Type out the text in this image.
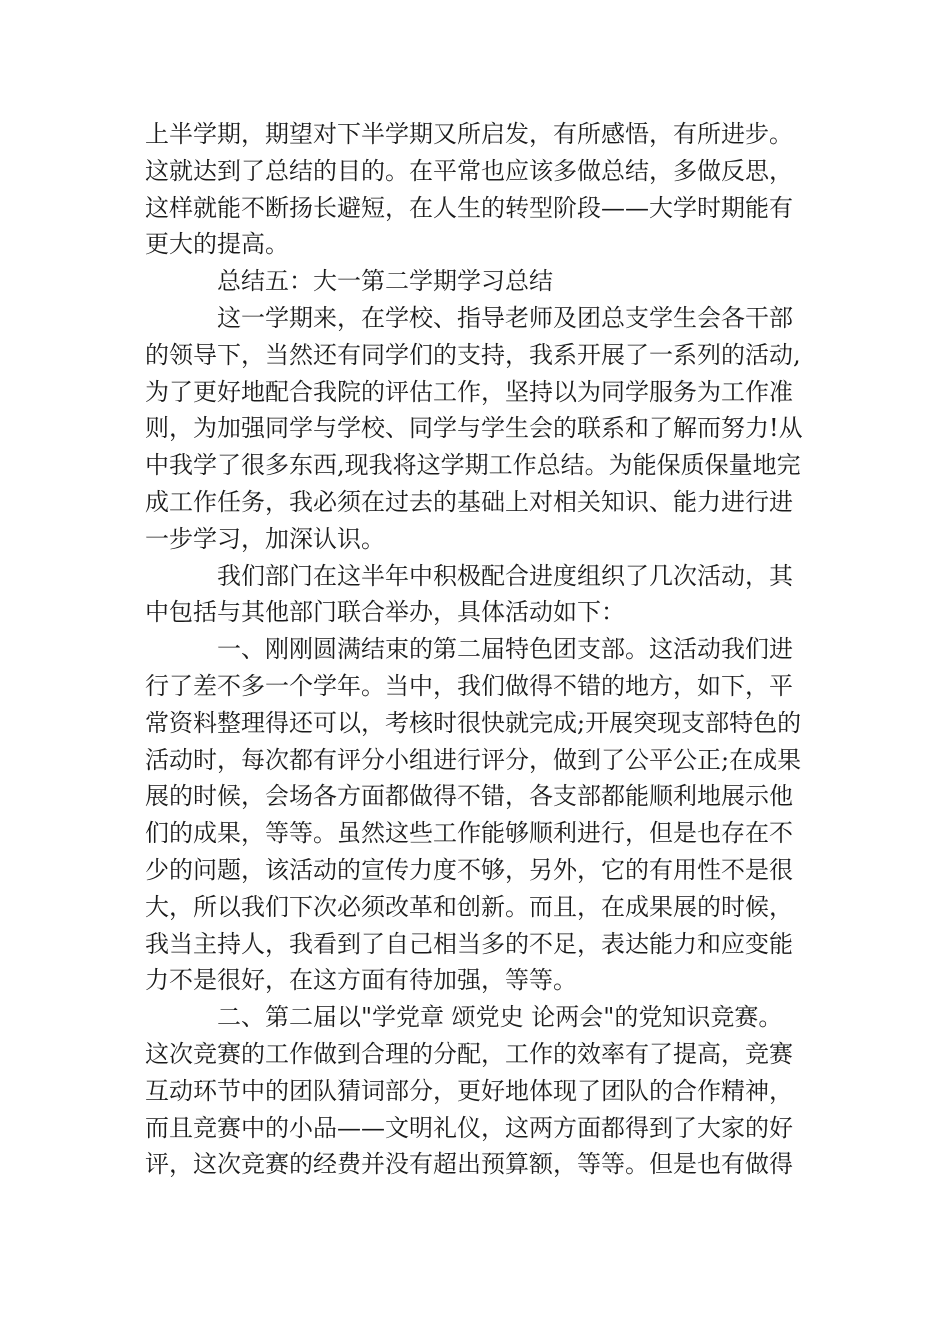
上半学期，期望对下半学期又所启发，有所感悟，有所进步。
这就达到了总结的目的。在平常也应该多做总结，多做反思，
这样就能不断扬长避短，在人生的转型阶段——大学时期能有
更大的提高。
总结五：大一第二学期学习总结
这一学期来，在学校、指导老师及团总支学生会各干部
的领导下，当然还有同学们的支持，我系开展了一系列的活动,
为了更好地配合我院的评估工作，坚持以为同学服务为工作准
则，为加强同学与学校、同学与学生会的联系和了解而努力!从
中我学了很多东西,现我将这学期工作总结。为能保质保量地完
成工作任务，我必须在过去的基础上对相关知识、能力进行进
一步学习，加深认识。
我们部门在这半年中积极配合进度组织了几次活动，其
中包括与其他部门联合举办，具体活动如下：
一、刚刚圆满结束的第二届特色团支部。这活动我们进
行了差不多一个学年。当中，我们做得不错的地方，如下，平
常资料整理得还可以，考核时很快就完成;开展突现支部特色的
活动时，每次都有评分小组进行评分，做到了公平公正;在成果
展的时候，会场各方面都做得不错，各支部都能顺利地展示他
们的成果，等等。虽然这些工作能够顺利进行，但是也存在不
少的问题，该活动的宣传力度不够，另外，它的有用性不是很
大，所以我们下次必须改革和创新。而且，在成果展的时候，
我当主持人，我看到了自己相当多的不足，表达能力和应变能
力不是很好，在这方面有待加强，等等。
二、第二届以"学党章 颂党史 论两会"的党知识竞赛。
这次竞赛的工作做到合理的分配，工作的效率有了提高，竞赛
互动环节中的团队猜词部分，更好地体现了团队的合作精神，
而且竞赛中的小品——文明礼仪，这两方面都得到了大家的好
评，这次竞赛的经费并没有超出预算额，等等。但是也有做得
